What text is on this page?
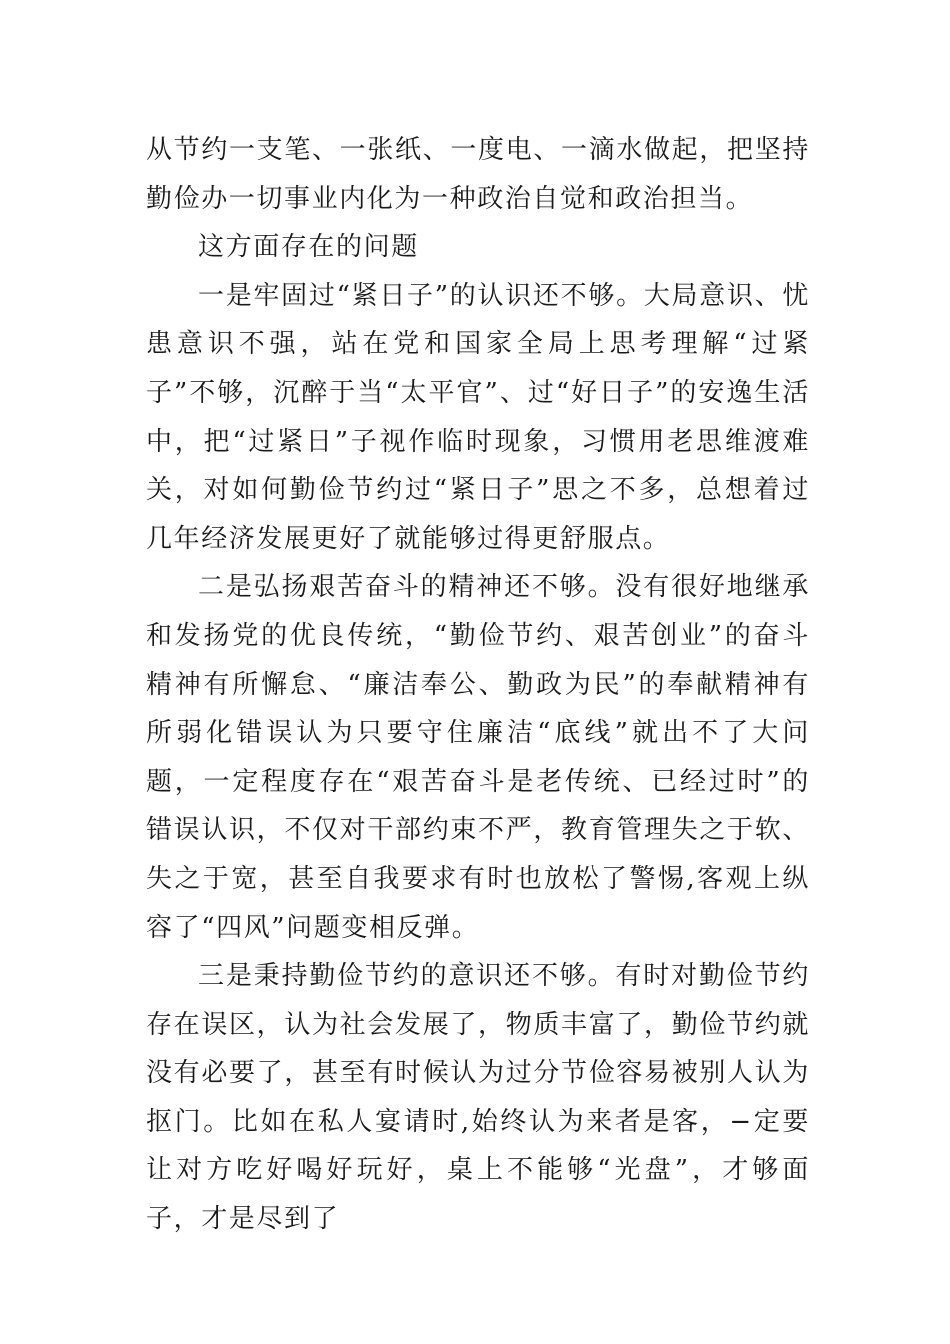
从节约一支笔、一张纸、一度电、一滴水做起，把坚持勤俭办一切事业内化为一种政治自觉和政治担当。

这方面存在的问题

一是牢固过“紧日子”的认识还不够。大局意识、忧患意识不强，站在党和国家全局上思考理解“过紧子”不够，沉醉于当“太平官”、过“好日子”的安逸生活中，把“过紧日”子视作临时现象，习惯用老思维渡难关，对如何勤俭节约过“紧日子”思之不多，总想着过几年经济发展更好了就能够过得更舒服点。

二是弘扬艰苦奋斗的精神还不够。没有很好地继承和发扬党的优良传统，“勤俭节约、艰苦创业”的奋斗精神有所懈怠、“廉洁奉公、勤政为民”的奉献精神有所弱化错误认为只要守住廉洁“底线”就出不了大问题，一定程度存在“艰苦奋斗是老传统、已经过时”的错误认识，不仅对干部约束不严，教育管理失之于软、失之于宽，甚至自我要求有时也放松了警惕,客观上纵容了“四风”问题变相反弹。

三是秉持勤俭节约的意识还不够。有时对勤俭节约存在误区，认为社会发展了，物质丰富了，勤俭节约就没有必要了，甚至有时候认为过分节俭容易被别人认为抠门。比如在私人宴请时,始终认为来者是客，−定要让对方吃好喝好玩好，桌上不能够“光盘”，才够面子，才是尽到了
